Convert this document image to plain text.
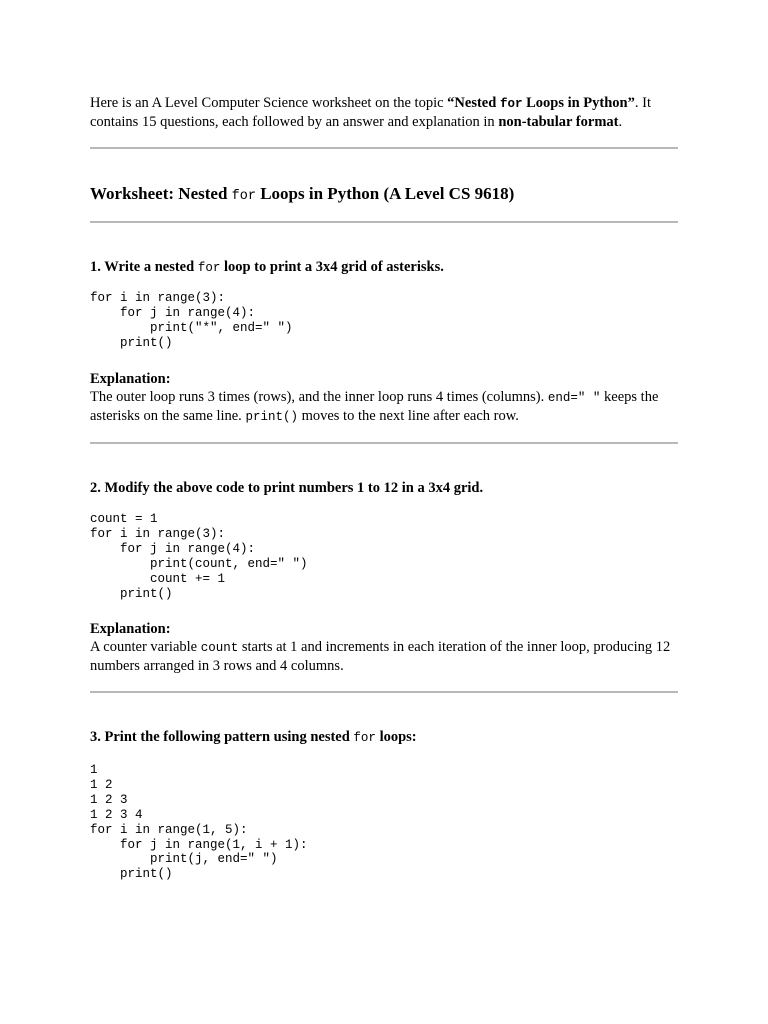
Here is an A Level Computer Science worksheet on the topic “Nested for Loops in Python”. It contains 15 questions, each followed by an answer and explanation in non-tabular format.

Worksheet: Nested for Loops in Python (A Level CS 9618)
1. Write a nested for loop to print a 3x4 grid of asterisks.
for i in range(3):
for j in range(4):
print("*", end=" ")
print()

Explanation:

The outer loop runs 3 times (rows), and the inner loop runs 4 times (columns). end=" " keeps the asterisks on the same line. print() moves to the next line after each row.

2. Modify the above code to print numbers 1 to 12 in a 3x4 grid.
count = 1
for i in range(3):
for j in range(4):
print(count, end=" ")
count += 1
print()

Explanation:

A counter variable count starts at 1 and increments in each iteration of the inner loop, producing 12 numbers arranged in 3 rows and 4 columns.

3. Print the following pattern using nested for loops:
1
1 2
1 2 3
1 2 3 4
for i in range(1, 5):
for j in range(1, i + 1):
print(j, end=" ")
print()
